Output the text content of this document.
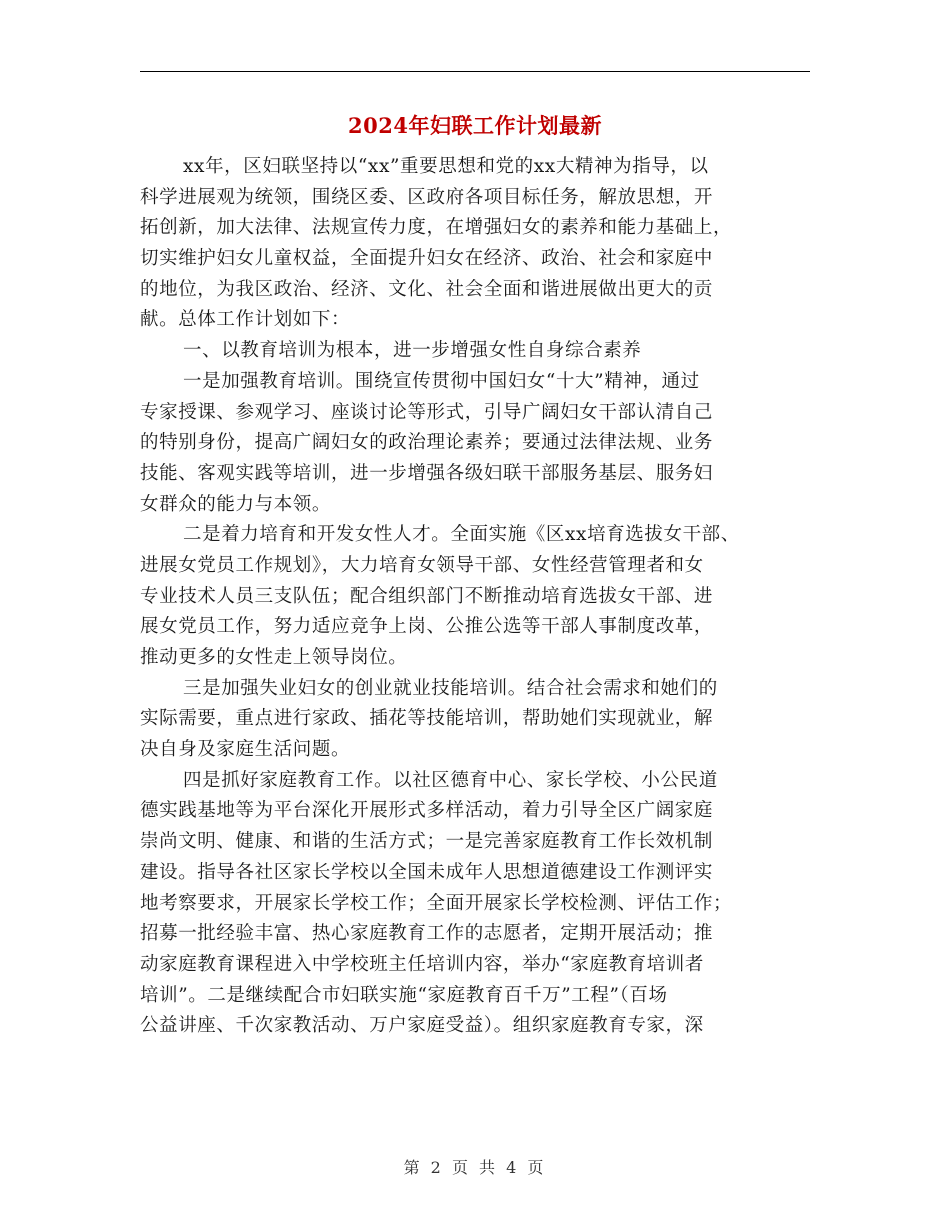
2024年妇联工作计划最新
xx年，区妇联坚持以“xx”重要思想和党的xx大精神为指导，以
科学进展观为统领，围绕区委、区政府各项目标任务，解放思想，开
拓创新，加大法律、法规宣传力度，在增强妇女的素养和能力基础上，
切实维护妇女儿童权益，全面提升妇女在经济、政治、社会和家庭中
的地位，为我区政治、经济、文化、社会全面和谐进展做出更大的贡
献。总体工作计划如下：
一、以教育培训为根本，进一步增强女性自身综合素养
一是加强教育培训。围绕宣传贯彻中国妇女“十大”精神，通过
专家授课、参观学习、座谈讨论等形式，引导广阔妇女干部认清自己
的特别身份，提高广阔妇女的政治理论素养；要通过法律法规、业务
技能、客观实践等培训，进一步增强各级妇联干部服务基层、服务妇
女群众的能力与本领。
二是着力培育和开发女性人才。全面实施《区xx培育选拔女干部、
进展女党员工作规划》，大力培育女领导干部、女性经营管理者和女
专业技术人员三支队伍；配合组织部门不断推动培育选拔女干部、进
展女党员工作，努力适应竞争上岗、公推公选等干部人事制度改革，
推动更多的女性走上领导岗位。
三是加强失业妇女的创业就业技能培训。结合社会需求和她们的
实际需要，重点进行家政、插花等技能培训，帮助她们实现就业，解
决自身及家庭生活问题。
四是抓好家庭教育工作。以社区德育中心、家长学校、小公民道
德实践基地等为平台深化开展形式多样活动，着力引导全区广阔家庭
崇尚文明、健康、和谐的生活方式；一是完善家庭教育工作长效机制
建设。指导各社区家长学校以全国未成年人思想道德建设工作测评实
地考察要求，开展家长学校工作；全面开展家长学校检测、评估工作；
招募一批经验丰富、热心家庭教育工作的志愿者，定期开展活动；推
动家庭教育课程进入中学校班主任培训内容，举办“家庭教育培训者
培训”。二是继续配合市妇联实施“家庭教育百千万”工程”（百场
公益讲座、千次家教活动、万户家庭受益）。组织家庭教育专家，深
第 2 页 共 4 页
